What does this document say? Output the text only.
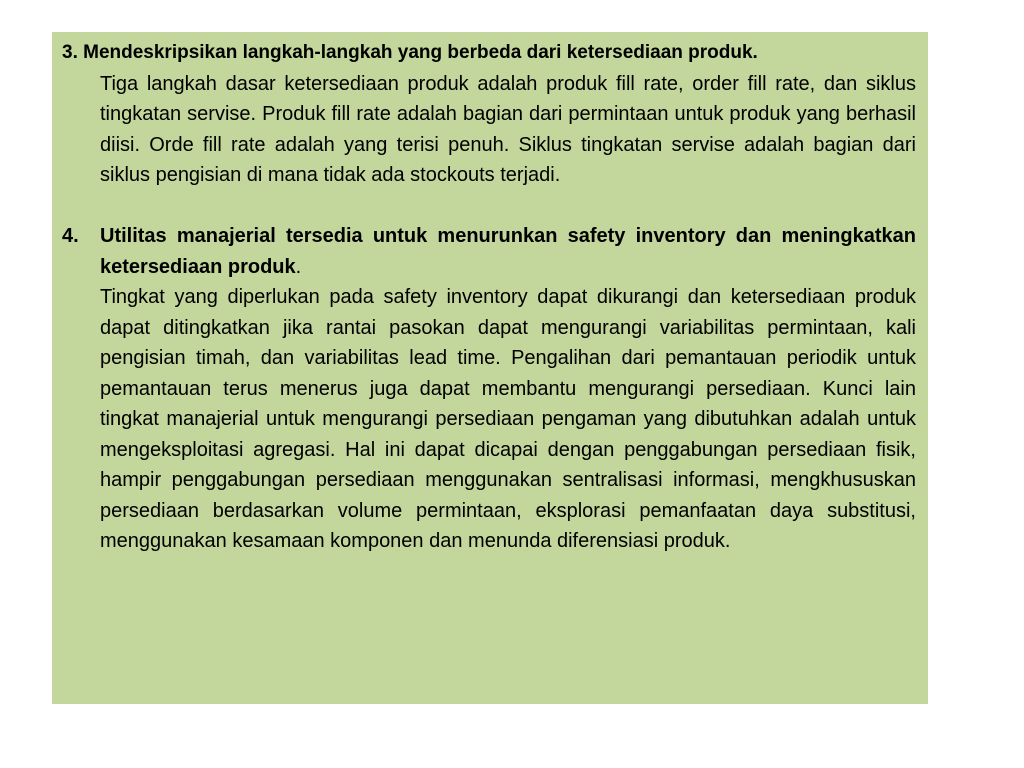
3. Mendeskripsikan langkah-langkah yang berbeda dari ketersediaan produk.

Tiga langkah dasar ketersediaan produk adalah produk fill rate, order fill rate, dan siklus tingkatan servise. Produk fill rate adalah bagian dari permintaan untuk produk yang berhasil diisi. Orde fill rate adalah yang terisi penuh. Siklus tingkatan servise adalah bagian dari siklus pengisian di mana tidak ada stockouts terjadi.

4.	Utilitas manajerial tersedia untuk menurunkan safety inventory dan meningkatkan ketersediaan produk.

Tingkat yang diperlukan pada safety inventory dapat dikurangi dan ketersediaan produk dapat ditingkatkan jika rantai pasokan dapat mengurangi variabilitas permintaan, kali pengisian timah, dan variabilitas lead time. Pengalihan dari pemantauan periodik untuk pemantauan terus menerus juga dapat membantu mengurangi persediaan. Kunci lain tingkat manajerial untuk mengurangi persediaan pengaman yang dibutuhkan adalah untuk mengeksploitasi agregasi. Hal ini dapat dicapai dengan penggabungan persediaan fisik, hampir penggabungan persediaan menggunakan sentralisasi informasi, mengkhususkan persediaan berdasarkan volume permintaan, eksplorasi pemanfaatan daya substitusi, menggunakan kesamaan komponen dan menunda diferensiasi produk.
